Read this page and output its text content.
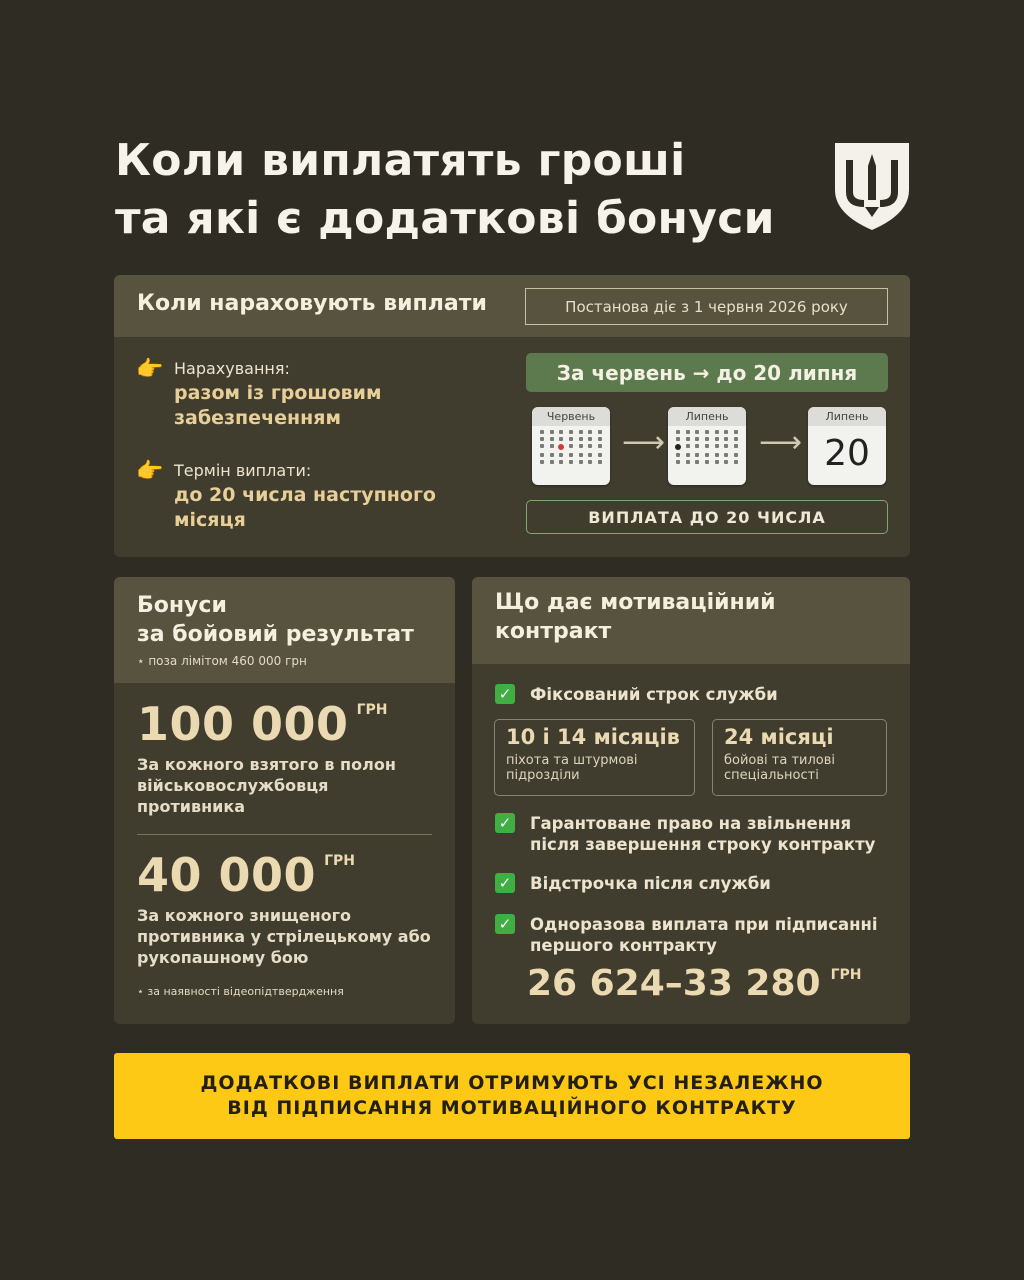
Коли виплатять гроші
та які є додаткові бонуси
Коли нараховують виплати	Постанова діє з 1 червня 2026 року
👉 Нарахування:
разом із грошовим забезпеченням
👉 Термін виплати:
до 20 числа наступного місяця
За червень → до 20 липня
Червень
⟶
Липень
⟶
Липень
20
ВИПЛАТА ДО 20 ЧИСЛА
Бонуси
за бойовий результат
⋆ поза лімітом 460 000 грн
100 000 ГРН
За кожного взятого в полон військовослужбовця противника
40 000 ГРН
За кожного знищеного противника у стрілецькому або рукопашному бою
⋆ за наявності відеопідтвердження
Що дає мотиваційний
контракт
✓ Фіксований строк служби
10 і 14 місяців
піхота та штурмові підрозділи
24 місяці
бойові та тилові спеціальності
✓ Гарантоване право на звільнення після завершення строку контракту
✓ Відстрочка після служби
✓ Одноразова виплата при підписанні першого контракту
26 624–33 280 ГРН
ДОДАТКОВІ ВИПЛАТИ ОТРИМУЮТЬ УСІ НЕЗАЛЕЖНО
ВІД ПІДПИСАННЯ МОТИВАЦІЙНОГО КОНТРАКТУ
